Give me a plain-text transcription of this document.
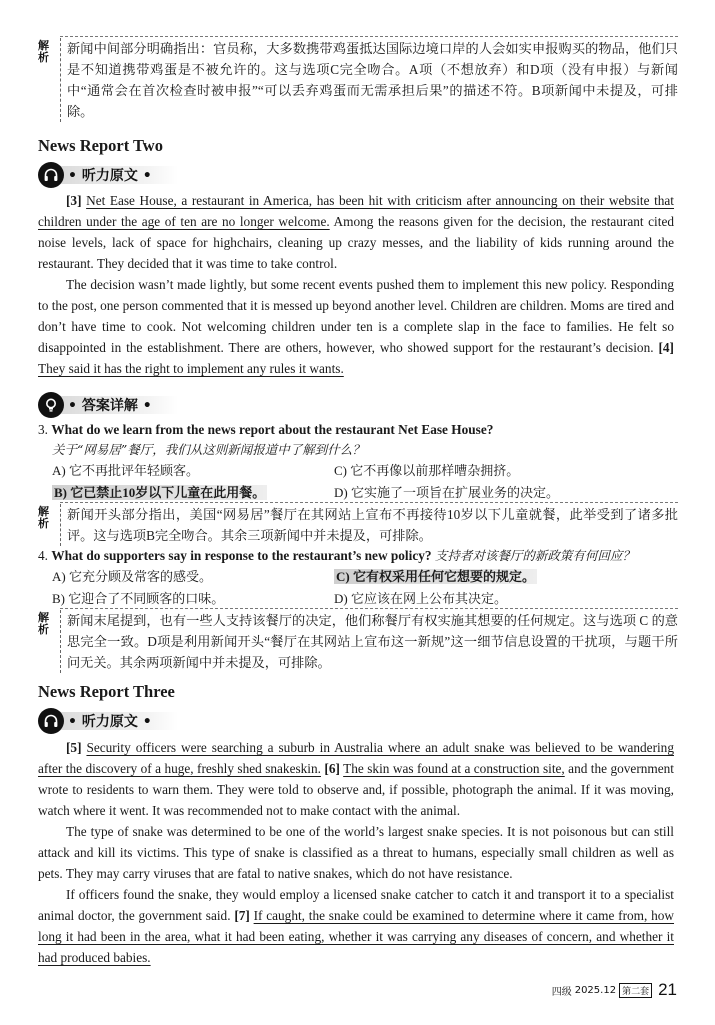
解析
新闻中间部分明确指出：官员称，大多数携带鸡蛋抵达国际边境口岸的人会如实申报购买的物品，他们只是不知道携带鸡蛋是不被允许的。这与选项C完全吻合。A项（不想放弃）和D项（没有申报）与新闻中“通常会在首次检查时被申报”“可以丢弃鸡蛋而无需承担后果”的描述不符。B项新闻中未提及，可排除。
News Report Two
• 听力原文 •
[3] Net Ease House, a restaurant in America, has been hit with criticism after announcing on their website that children under the age of ten are no longer welcome. Among the reasons given for the decision, the restaurant cited noise levels, lack of space for highchairs, cleaning up crazy messes, and the liability of kids running around the restaurant. They decided that it was time to take control.
The decision wasn’t made lightly, but some recent events pushed them to implement this new policy. Responding to the post, one person commented that it is messed up beyond another level. Children are children. Moms are tired and don’t have time to cook. Not welcoming children under ten is a complete slap in the face to families. He felt so disappointed in the establishment. There are others, however, who showed support for the restaurant’s decision. [4] They said it has the right to implement any rules it wants.
• 答案详解 •
3. What do we learn from the news report about the restaurant Net Ease House?
关于“网易居”餐厅，我们从这则新闻报道中了解到什么？
A) 它不再批评年轻顾客。	C) 它不再像以前那样嘈杂拥挤。
B) 它已禁止10岁以下儿童在此用餐。	D) 它实施了一项旨在扩展业务的决定。
解析
新闻开头部分指出，美国“网易居”餐厅在其网站上宣布不再接待10岁以下儿童就餐，此举受到了诸多批评。这与选项B完全吻合。其余三项新闻中并未提及，可排除。
4. What do supporters say in response to the restaurant’s new policy? 支持者对该餐厅的新政策有何回应？
A) 它充分顾及常客的感受。	C) 它有权采用任何它想要的规定。
B) 它迎合了不同顾客的口味。	D) 它应该在网上公布其决定。
解析
新闻末尾提到，也有一些人支持该餐厅的决定，他们称餐厅有权实施其想要的任何规定。这与选项 C 的意思完全一致。D项是利用新闻开头“餐厅在其网站上宣布这一新规”这一细节信息设置的干扰项，与题干所问无关。其余两项新闻中并未提及，可排除。
News Report Three
• 听力原文 •
[5] Security officers were searching a suburb in Australia where an adult snake was believed to be wandering after the discovery of a huge, freshly shed snakeskin. [6] The skin was found at a construction site, and the government wrote to residents to warn them. They were told to observe and, if possible, photograph the animal. If it was moving, watch where it went. It was recommended not to make contact with the animal.
The type of snake was determined to be one of the world’s largest snake species. It is not poisonous but can still attack and kill its victims. This type of snake is classified as a threat to humans, especially small children as well as pets. They may carry viruses that are fatal to native snakes, which do not have resistance.
If officers found the snake, they would employ a licensed snake catcher to catch it and transport it to a specialist animal doctor, the government said. [7] If caught, the snake could be examined to determine where it came from, how long it had been in the area, what it had been eating, whether it was carrying any diseases of concern, and whether it had produced babies.
四级 2025.12 第二套 21
